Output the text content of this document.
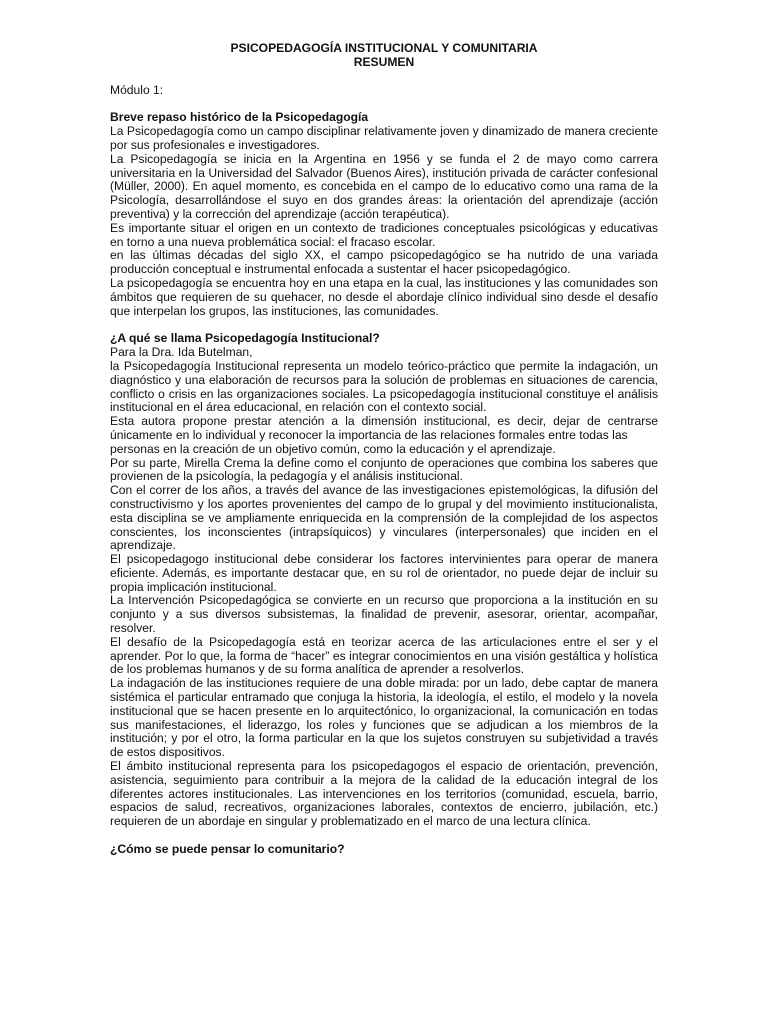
PSICOPEDAGOGÍA INSTITUCIONAL Y COMUNITARIA

RESUMEN

Módulo 1:

Breve repaso histórico de la Psicopedagogía

La Psicopedagogía como un campo disciplinar relativamente joven y dinamizado de manera creciente por sus profesionales e investigadores.

La Psicopedagogía se inicia en la Argentina en 1956 y se funda el 2 de mayo como carrera universitaria en la Universidad del Salvador (Buenos Aires), institución privada de carácter confesional (Müller, 2000). En aquel momento, es concebida en el campo de lo educativo como una rama de la Psicología, desarrollándose el suyo en dos grandes áreas: la orientación del aprendizaje (acción preventiva) y la corrección del aprendizaje (acción terapéutica).

Es importante situar el origen en un contexto de tradiciones conceptuales psicológicas y educativas en torno a una nueva problemática social: el fracaso escolar.

en las últimas décadas del siglo XX, el campo psicopedagógico se ha nutrido de una variada producción conceptual e instrumental enfocada a sustentar el hacer psicopedagógico.

La psicopedagogía se encuentra hoy en una etapa en la cual, las instituciones y las comunidades son ámbitos que requieren de su quehacer, no desde el abordaje clínico individual sino desde el desafío que interpelan los grupos, las instituciones, las comunidades.

¿A qué se llama Psicopedagogía Institucional?

Para la Dra. Ida Butelman,

la Psicopedagogía Institucional representa un modelo teórico-práctico que permite la indagación, un diagnóstico y una elaboración de recursos para la solución de problemas en situaciones de carencia, conflicto o crisis en las organizaciones sociales. La psicopedagogía institucional constituye el análisis institucional en el área educacional, en relación con el contexto social.

Esta autora propone prestar atención a la dimensión institucional, es decir, dejar de centrarse únicamente en lo individual y reconocer la importancia de las relaciones formales entre todas las

personas en la creación de un objetivo común, como la educación y el aprendizaje.

Por su parte, Mirella Crema la define como el conjunto de operaciones que combina los saberes que provienen de la psicología, la pedagogía y el análisis institucional.

Con el correr de los años, a través del avance de las investigaciones epistemológicas, la difusión del constructivismo y los aportes provenientes del campo de lo grupal y del movimiento institucionalista, esta disciplina se ve ampliamente enriquecida en la comprensión de la complejidad de los aspectos conscientes, los inconscientes (intrapsíquicos) y vinculares (interpersonales) que inciden en el aprendizaje.

El psicopedagogo institucional debe considerar los factores intervinientes para operar de manera eficiente. Además, es importante destacar que, en su rol de orientador, no puede dejar de incluir su propia implicación institucional.

La Intervención Psicopedagógica se convierte en un recurso que proporciona a la institución en su conjunto y a sus diversos subsistemas, la finalidad de prevenir, asesorar, orientar, acompañar, resolver.

El desafío de la Psicopedagogía está en teorizar acerca de las articulaciones entre el ser y el aprender. Por lo que, la forma de “hacer” es integrar conocimientos en una visión gestáltica y holística de los problemas humanos y de su forma analítica de aprender a resolverlos.

La indagación de las instituciones requiere de una doble mirada: por un lado, debe captar de manera sistémica el particular entramado que conjuga la historia, la ideología, el estilo, el modelo y la novela institucional que se hacen presente en lo arquitectónico, lo organizacional, la comunicación en todas sus manifestaciones, el liderazgo, los roles y funciones que se adjudican a los miembros de la institución; y por el otro, la forma particular en la que los sujetos construyen su subjetividad a través de estos dispositivos.

El ámbito institucional representa para los psicopedagogos el espacio de orientación, prevención, asistencia, seguimiento para contribuir a la mejora de la calidad de la educación integral de los diferentes actores institucionales. Las intervenciones en los territorios (comunidad, escuela, barrio, espacios de salud, recreativos, organizaciones laborales, contextos de encierro, jubilación, etc.) requieren de un abordaje en singular y problematizado en el marco de una lectura clínica.

¿Cómo se puede pensar lo comunitario?
